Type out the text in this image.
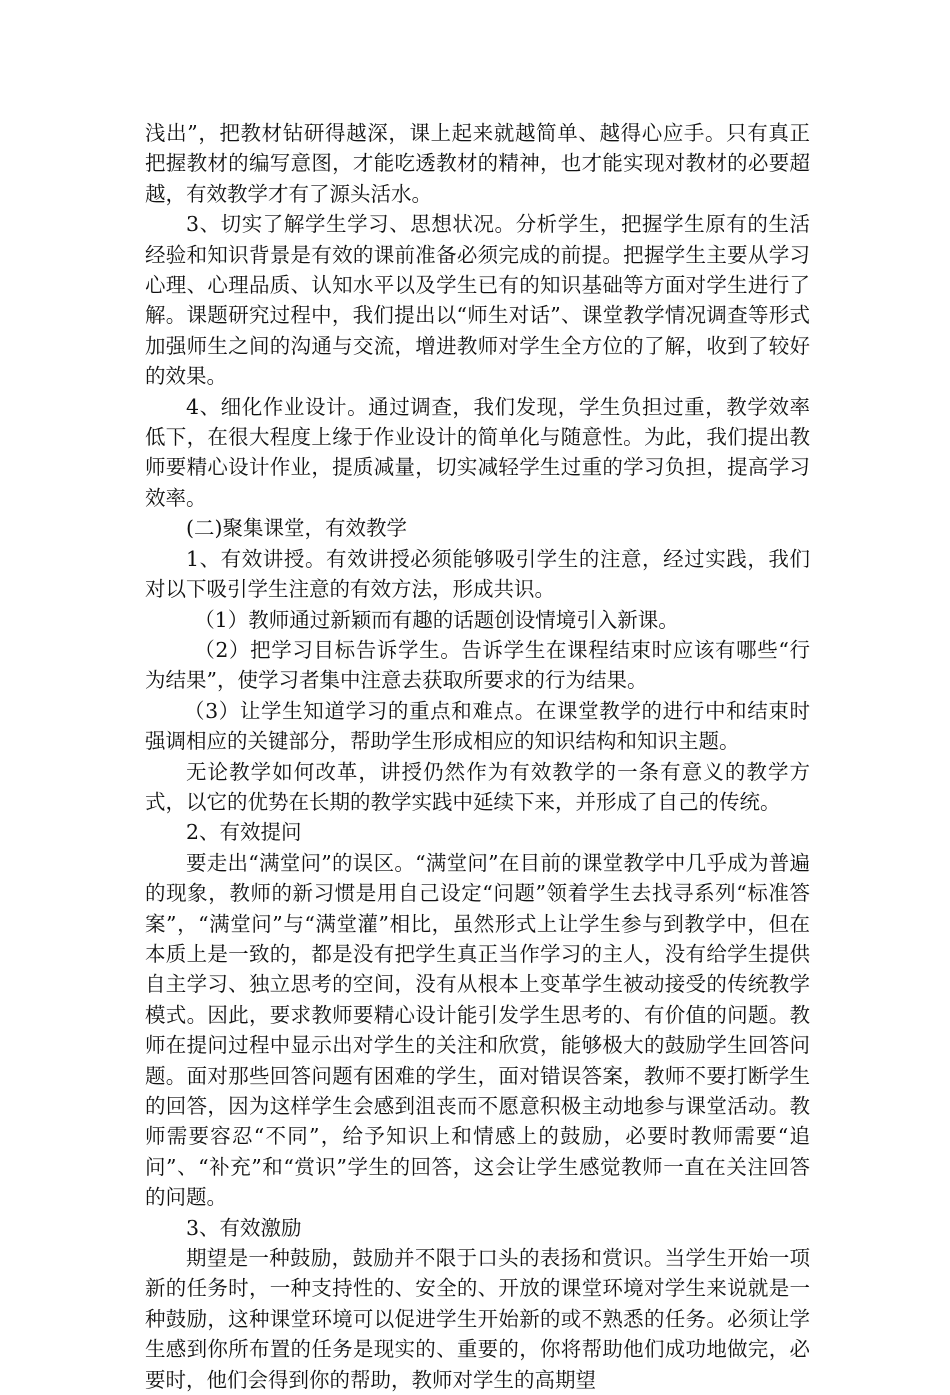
浅出”，把教材钻研得越深，课上起来就越简单、越得心应手。只有真正把握教材的编写意图，才能吃透教材的精神，也才能实现对教材的必要超越，有效教学才有了源头活水。

3、切实了解学生学习、思想状况。分析学生，把握学生原有的生活经验和知识背景是有效的课前准备必须完成的前提。把握学生主要从学习心理、心理品质、认知水平以及学生已有的知识基础等方面对学生进行了解。课题研究过程中，我们提出以“师生对话”、课堂教学情况调查等形式加强师生之间的沟通与交流，增进教师对学生全方位的了解，收到了较好的效果。

4、细化作业设计。通过调查，我们发现，学生负担过重，教学效率低下，在很大程度上缘于作业设计的简单化与随意性。为此，我们提出教师要精心设计作业，提质减量，切实减轻学生过重的学习负担，提高学习效率。

(二)聚集课堂，有效教学

1、有效讲授。有效讲授必须能够吸引学生的注意，经过实践，我们对以下吸引学生注意的有效方法，形成共识。

（1）教师通过新颖而有趣的话题创设情境引入新课。

（2）把学习目标告诉学生。告诉学生在课程结束时应该有哪些“行为结果”，使学习者集中注意去获取所要求的行为结果。

（3）让学生知道学习的重点和难点。在课堂教学的进行中和结束时强调相应的关键部分，帮助学生形成相应的知识结构和知识主题。

无论教学如何改革，讲授仍然作为有效教学的一条有意义的教学方式，以它的优势在长期的教学实践中延续下来，并形成了自己的传统。

2、有效提问

要走出“满堂问”的误区。“满堂问”在目前的课堂教学中几乎成为普遍的现象，教师的新习惯是用自己设定“问题”领着学生去找寻系列“标准答案”，“满堂问”与“满堂灌”相比，虽然形式上让学生参与到教学中，但在本质上是一致的，都是没有把学生真正当作学习的主人，没有给学生提供自主学习、独立思考的空间，没有从根本上变革学生被动接受的传统教学模式。因此，要求教师要精心设计能引发学生思考的、有价值的问题。教师在提问过程中显示出对学生的关注和欣赏，能够极大的鼓励学生回答问题。面对那些回答问题有困难的学生，面对错误答案，教师不要打断学生的回答，因为这样学生会感到沮丧而不愿意积极主动地参与课堂活动。教师需要容忍“不同”，给予知识上和情感上的鼓励，必要时教师需要“追问”、“补充”和“赏识”学生的回答，这会让学生感觉教师一直在关注回答的问题。

3、有效激励

期望是一种鼓励，鼓励并不限于口头的表扬和赏识。当学生开始一项新的任务时，一种支持性的、安全的、开放的课堂环境对学生来说就是一种鼓励，这种课堂环境可以促进学生开始新的或不熟悉的任务。必须让学生感到你所布置的任务是现实的、重要的，你将帮助他们成功地做完，必要时，他们会得到你的帮助，教师对学生的高期望
